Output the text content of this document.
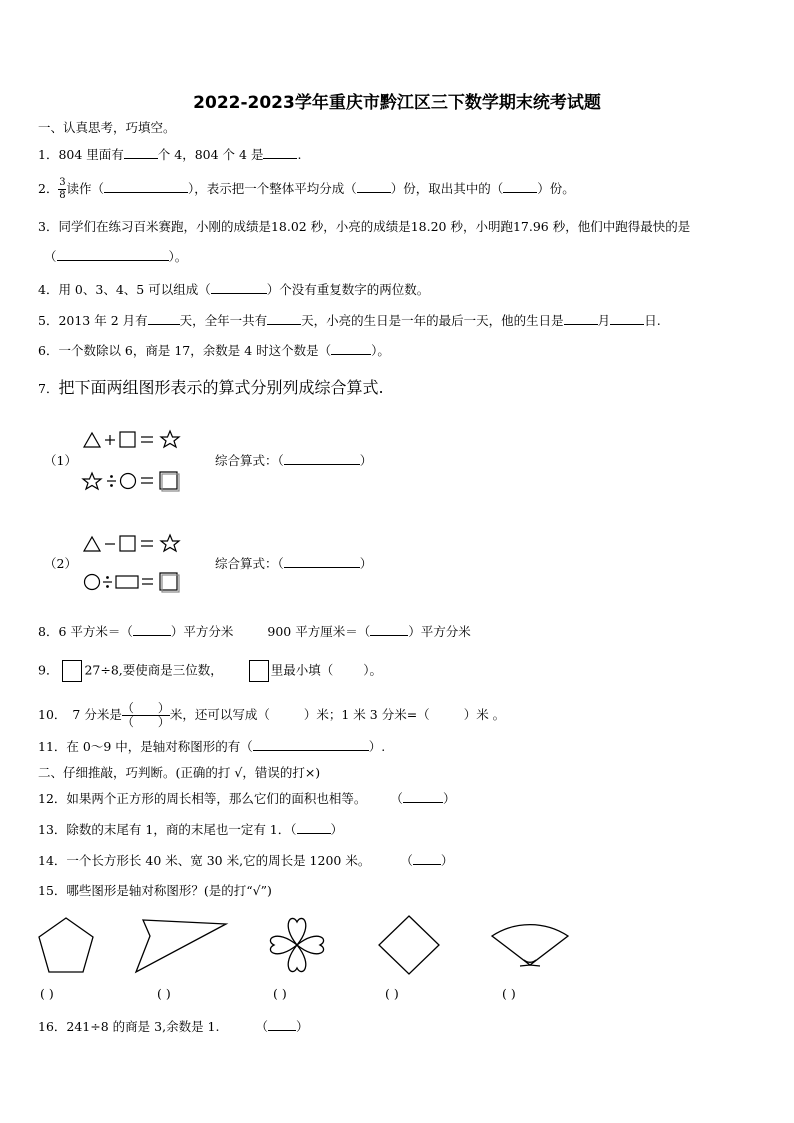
2022-2023学年重庆市黔江区三下数学期末统考试题
一、认真思考，巧填空。
1．804 里面有	个 4，804 个 4 是	.
2． $\frac{3}{8}$ 读作（	），表示把一个整体平均分成（	）份，取出其中的（	）份。
3．同学们在练习百米赛跑，小刚的成绩是18.02 秒，小亮的成绩是18.20 秒，小明跑17.96 秒，他们中跑得最快的是
（	）。
4．用 0、3、4、5 可以组成（	）个没有重复数字的两位数。
5．2013 年 2 月有	天，全年一共有	天，小亮的生日是一年的最后一天，他的生日是	月	日.
6．一个数除以 6，商是 17，余数是 4 时这个数是（	）。
7．把下面两组图形表示的算式分别列成综合算式.
（1）	综合算式：（	）
（2）	综合算式：（	）
8．6 平方米＝（	）平方分米	900 平方厘米＝（	）平方分米
9． 27÷8,要使商是三位数，	里最小填（ ）。
10． 7 分米是 （　　）
（　　） 米，还可以写成（	）米；1 米 3 分米=（	）米 。
11．在 0～9 中，是轴对称图形的有（	）.
二、仔细推敲，巧判断。(正确的打 √，错误的打×)
12．如果两个正方形的周长相等，那么它们的面积也相等。 （	）
13．除数的末尾有 1，商的末尾也一定有 1．（	）
14．一个长方形长 40 米、宽 30 米,它的周长是 1200 米。 （ ）
15．哪些图形是轴对称图形？(是的打“√”)
( )	( )	( )	( )	( )
16．241÷8 的商是 3,余数是 1.	（ ）
